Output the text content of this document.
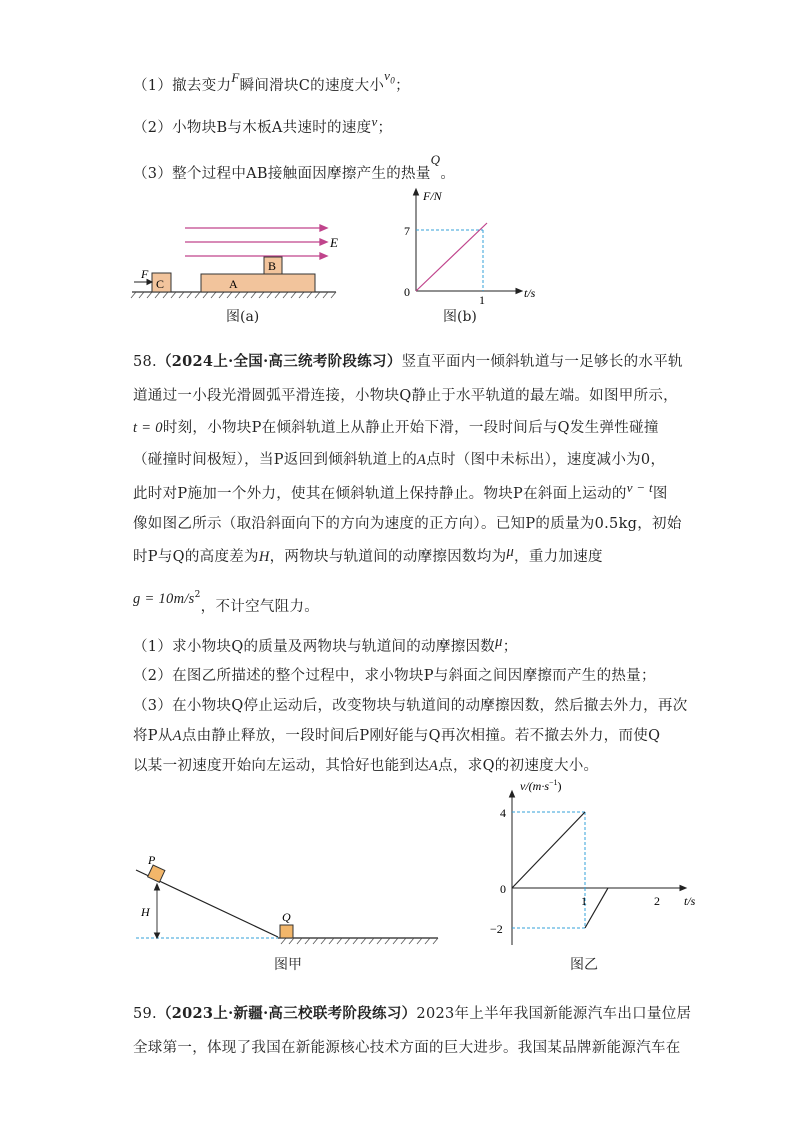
（1）撤去变力F瞬间滑块C的速度大小$v_0$；
（2）小物块B与木板A共速时的速度v；
（3）整个过程中AB接触面因摩擦产生的热量Q。
E
C
F
A
B
图(a)
F/N
t/s
7
0
1
图(b)
58.（2024上·全国·高三统考阶段练习）竖直平面内一倾斜轨道与一足够长的水平轨
道通过一小段光滑圆弧平滑连接，小物块Q静止于水平轨道的最左端。如图甲所示，
t = 0时刻，小物块P在倾斜轨道上从静止开始下滑，一段时间后与Q发生弹性碰撞
（碰撞时间极短），当P返回到倾斜轨道上的A点时（图中未标出），速度减小为0，
此时对P施加一个外力，使其在倾斜轨道上保持静止。物块P在斜面上运动的v − t图
像如图乙所示（取沿斜面向下的方向为速度的正方向）。已知P的质量为0.5kg，初始
时P与Q的高度差为H，两物块与轨道间的动摩擦因数均为μ，重力加速度
$g = 10m/s^2$，不计空气阻力。
（1）求小物块Q的质量及两物块与轨道间的动摩擦因数μ；
（2）在图乙所描述的整个过程中，求小物块P与斜面之间因摩擦而产生的热量；
（3）在小物块Q停止运动后，改变物块与轨道间的动摩擦因数，然后撤去外力，再次
将P从A点由静止释放，一段时间后P刚好能与Q再次相撞。若不撤去外力，而使Q
以某一初速度开始向左运动，其恰好也能到达A点，求Q的初速度大小。
H
P
Q
图甲
$v/(m\cdot s^{-1})$
t/s
4
0
−2
1	2
图乙
59.（2023上·新疆·高三校联考阶段练习）2023年上半年我国新能源汽车出口量位居
全球第一，体现了我国在新能源核心技术方面的巨大进步。我国某品牌新能源汽车在
